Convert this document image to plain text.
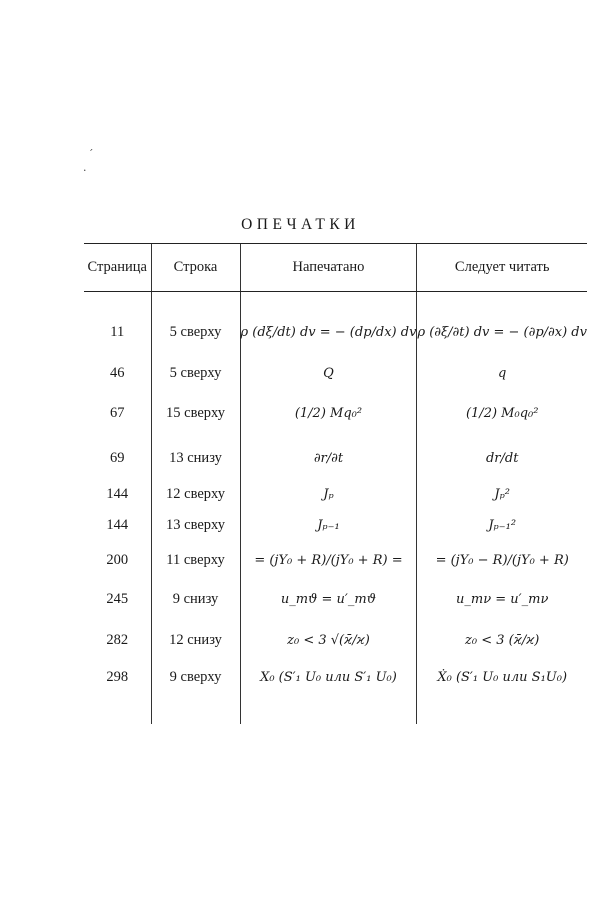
ˊ
·
ОПЕЧАТКИ
Страница	Строка	Напечатано	Следует читать

11	5 сверху	ρ (dξ/dt) dv = − (dp/dx) dv	ρ (∂ξ/∂t) dv = − (∂p/∂x) dv
46	5 сверху	Q	q
67	15 сверху	(1/2) Mq₀²	(1/2) M₀q₀²
69	13 снизу	∂r/∂t	dr/dt
144	12 сверху	Jₚ	Jₚ²
144	13 сверху	Jₚ₋₁	Jₚ₋₁²
200	11 сверху	= (jY₀ + R)/(jY₀ + R) =	= (jY₀ − R)/(jY₀ + R)
245	9 снизу	u_mϑ = u′_mϑ	u_mν = u′_mν
282	12 снизу	z₀ < 3 √(ϰ̄/ϰ)	z₀ < 3 (ϰ̄/ϰ)
298	9 сверху	X₀ (S′₁ U₀ или S′₁ U₀)	Ẋ₀ (S′₁ U₀ или S₁U₀)
